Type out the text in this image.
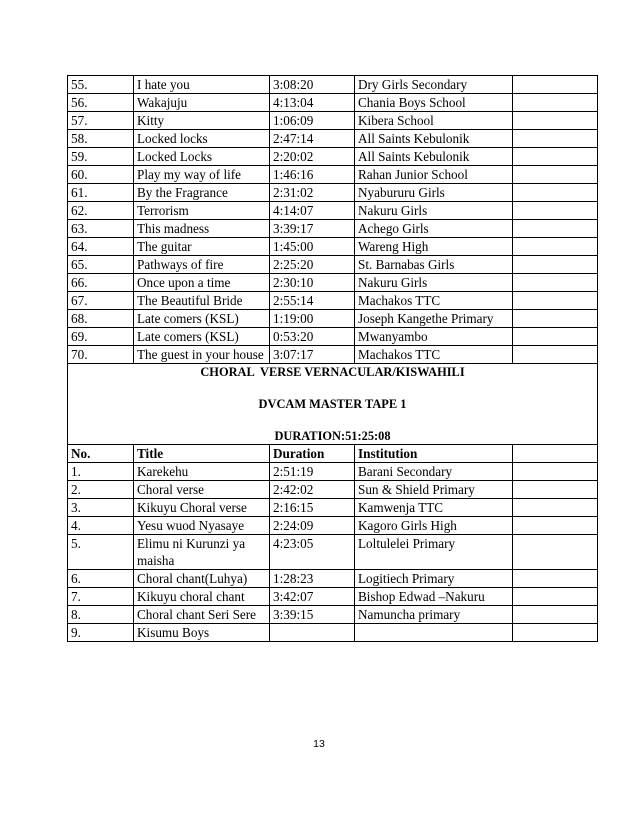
55.	I hate you	3:08:20	Dry Girls Secondary	
56.	Wakajuju	4:13:04	Chania Boys School	
57.	Kitty	1:06:09	Kibera School	
58.	Locked locks	2:47:14	All Saints Kebulonik	
59.	Locked Locks	2:20:02	All Saints Kebulonik	
60.	Play my way of life	1:46:16	Rahan Junior School	
61.	By the Fragrance	2:31:02	Nyabururu Girls	
62.	Terrorism	4:14:07	Nakuru Girls	
63.	This madness	3:39:17	Achego Girls	
64.	The guitar	1:45:00	Wareng High	
65.	Pathways of fire	2:25:20	St. Barnabas Girls	
66.	Once upon a time	2:30:10	Nakuru Girls	
67.	The Beautiful Bride	2:55:14	Machakos TTC	
68.	Late comers (KSL)	1:19:00	Joseph Kangethe Primary	
69.	Late comers (KSL)	0:53:20	Mwanyambo	
70.	The guest in your house	3:07:17	Machakos TTC	

CHORAL  VERSE VERNACULAR/KISWAHILI
DVCAM MASTER TAPE 1
DURATION:51:25:08				

No.	Title	Duration	Institution	
1.	Karekehu	2:51:19	Barani Secondary	
2.	Choral verse	2:42:02	Sun & Shield Primary	
3.	Kikuyu Choral verse	2:16:15	Kamwenja TTC	
4.	Yesu wuod Nyasaye	2:24:09	Kagoro Girls High	
5.	Elimu ni Kurunzi ya maisha	4:23:05	Loltulelei Primary	
6.	Choral chant(Luhya)	1:28:23	Logitiech Primary	
7.	Kikuyu choral chant	3:42:07	Bishop Edwad –Nakuru	
8.	Choral chant Seri Sere	3:39:15	Namuncha primary	
9.	Kisumu Boys			
13
